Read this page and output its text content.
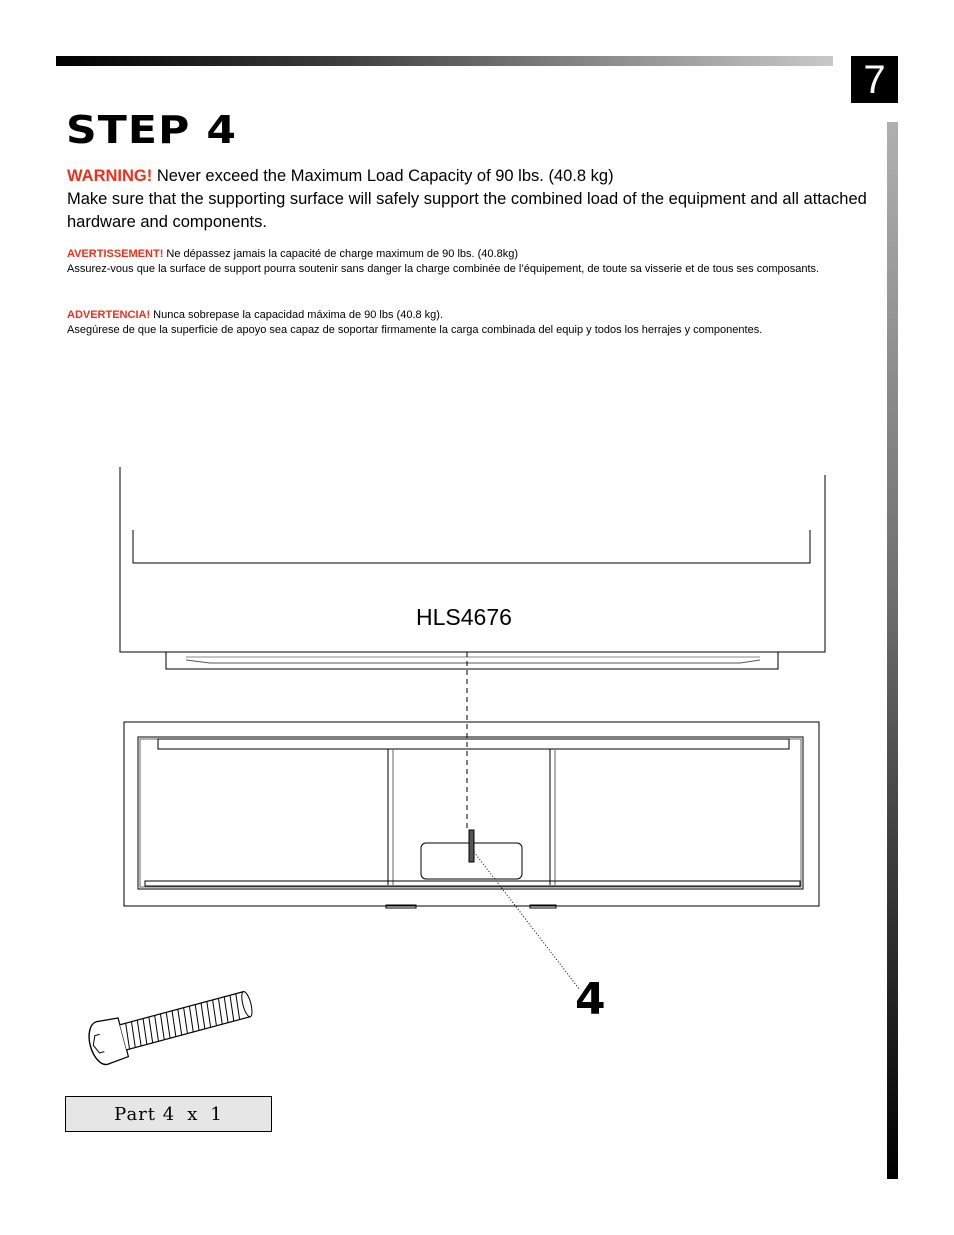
7
STEP 4
WARNING! Never exceed the Maximum Load Capacity of 90 lbs. (40.8 kg)
Make sure that the supporting surface will safely support the combined load of the equipment and all attached hardware and components.
AVERTISSEMENT! Ne dépassez jamais la capacité de charge maximum de 90 lbs. (40.8kg)
Assurez-vous que la surface de support pourra soutenir sans danger la charge combinée de l’équipement, de toute sa visserie et de tous ses composants.
ADVERTENCIA! Nunca sobrepase la capacidad máxima de 90 lbs (40.8 kg).
Asegúrese de que la superficie de apoyo sea capaz de soportar firmamente la carga combinada del equip y todos los herrajes y componentes.
HLS4676
4
Part 4 x 1
